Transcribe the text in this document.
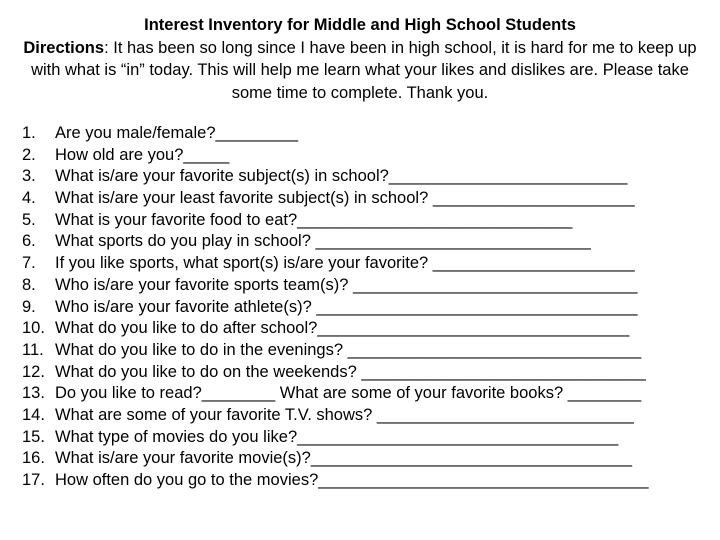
Interest Inventory for Middle and High School Students

Directions: It has been so long since I have been in high school, it is hard for me to keep up with what is “in” today. This will help me learn what your likes and dislikes are. Please take some time to complete. Thank you.

1. Are you male/female?_________
2. How old are you?_____
3. What is/are your favorite subject(s) in school?__________________________
4. What is/are your least favorite subject(s) in school? ______________________
5. What is your favorite food to eat?______________________________
6. What sports do you play in school? ______________________________
7. If you like sports, what sport(s) is/are your favorite? ______________________
8. Who is/are your favorite sports team(s)? _______________________________
9. Who is/are your favorite athlete(s)? ___________________________________
10. What do you like to do after school?__________________________________
11. What do you like to do in the evenings? ________________________________
12. What do you like to do on the weekends? _______________________________
13. Do you like to read?________ What are some of your favorite books? ________
14. What are some of your favorite T.V. shows? ____________________________
15. What type of movies do you like?___________________________________
16. What is/are your favorite movie(s)?___________________________________
17. How often do you go to the movies?____________________________________
